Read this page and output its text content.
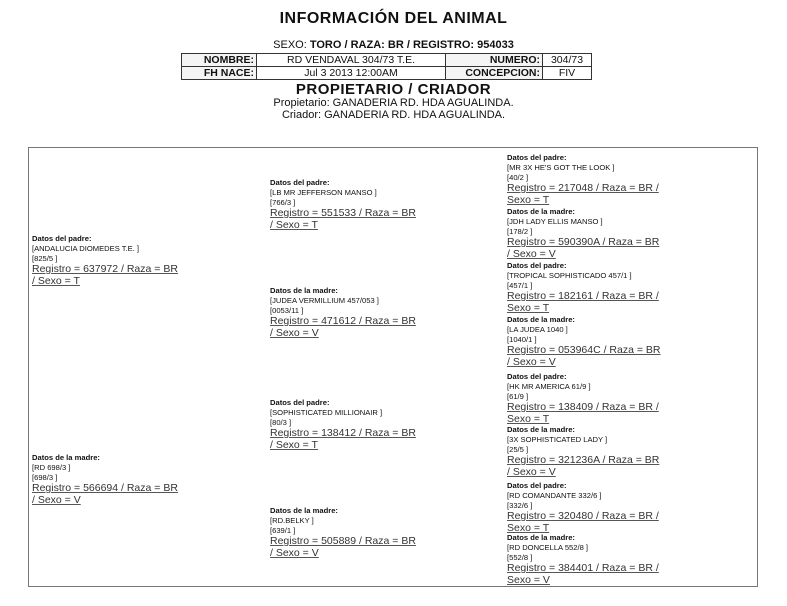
INFORMACIÓN DEL ANIMAL
SEXO: TORO / RAZA: BR / REGISTRO: 954033
NOMBRE:	RD VENDAVAL 304/73 T.E.	NUMERO:	304/73
FH NACE:	Jul 3 2013 12:00AM	CONCEPCION:	FIV
PROPIETARIO / CRIADOR
Propietario: GANADERIA RD. HDA AGUALINDA.
Criador: GANADERIA RD. HDA AGUALINDA.
Datos del padre:
[ANDALUCIA DIOMEDES T.E. ]
[825/5 ]
Registro = 637972 / Raza = BR
/ Sexo = T
Datos de la madre:
[RD 698/3 ]
[698/3 ]
Registro = 566694 / Raza = BR
/ Sexo = V
Datos del padre:
[LB MR JEFFERSON MANSO ]
[766/3 ]
Registro = 551533 / Raza = BR
/ Sexo = T
Datos de la madre:
[JUDEA VERMILLIUM 457/053 ]
[0053/11 ]
Registro = 471612 / Raza = BR
/ Sexo = V
Datos del padre:
[SOPHISTICATED MILLIONAIR ]
[80/3 ]
Registro = 138412 / Raza = BR
/ Sexo = T
Datos de la madre:
[RD.BELKY ]
[639/1 ]
Registro = 505889 / Raza = BR
/ Sexo = V
Datos del padre:
[MR 3X HE'S GOT THE LOOK ]
[40/2 ]
Registro = 217048 / Raza = BR /
Sexo = T
Datos de la madre:
[JDH LADY ELLIS MANSO ]
[178/2 ]
Registro = 590390A / Raza = BR
/ Sexo = V
Datos del padre:
[TROPICAL SOPHISTICADO 457/1 ]
[457/1 ]
Registro = 182161 / Raza = BR /
Sexo = T
Datos de la madre:
[LA JUDEA 1040 ]
[1040/1 ]
Registro = 053964C / Raza = BR
/ Sexo = V
Datos del padre:
[HK MR AMERICA 61/9 ]
[61/9 ]
Registro = 138409 / Raza = BR /
Sexo = T
Datos de la madre:
[3X SOPHISTICATED LADY ]
[25/5 ]
Registro = 321236A / Raza = BR
/ Sexo = V
Datos del padre:
[RD COMANDANTE 332/6 ]
[332/6 ]
Registro = 320480 / Raza = BR /
Sexo = T
Datos de la madre:
[RD DONCELLA 552/8 ]
[552/8 ]
Registro = 384401 / Raza = BR /
Sexo = V
